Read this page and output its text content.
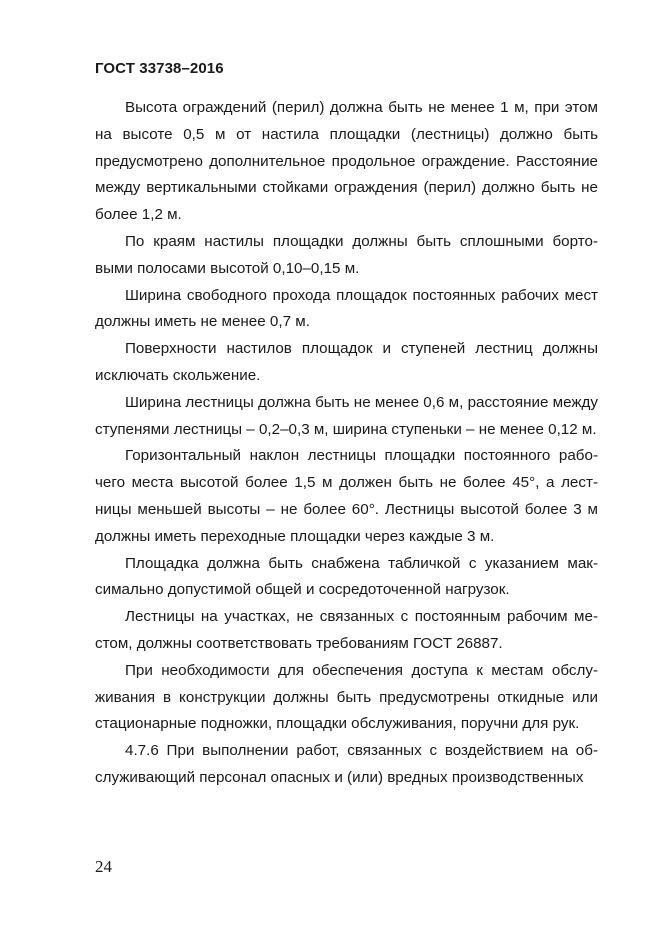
ГОСТ 33738–2016

Высота ограждений (перил) должна быть не менее 1 м, при этом на высоте 0,5 м от настила площадки (лестницы) должно быть предусмотрено дополнительное продольное ограждение. Расстояние между вертикальными стойками ограждения (перил) должно быть не более 1,2 м.

По краям настилы площадки должны быть сплошными бортовыми полосами высотой 0,10–0,15 м.

Ширина свободного прохода площадок постоянных рабочих мест должны иметь не менее 0,7 м.

Поверхности настилов площадок и ступеней лестниц должны исключать скольжение.

Ширина лестницы должна быть не менее 0,6 м, расстояние между ступенями лестницы – 0,2–0,3 м, ширина ступеньки – не менее 0,12 м.

Горизонтальный наклон лестницы площадки постоянного рабочего места высотой более 1,5 м должен быть не более 45°, а лестницы меньшей высоты – не более 60°. Лестницы высотой более 3 м должны иметь переходные площадки через каждые 3 м.

Площадка должна быть снабжена табличкой с указанием максимально допустимой общей и сосредоточенной нагрузок.

Лестницы на участках, не связанных с постоянным рабочим местом, должны соответствовать требованиям ГОСТ 26887.

При необходимости для обеспечения доступа к местам обслуживания в конструкции должны быть предусмотрены откидные или стационарные подножки, площадки обслуживания, поручни для рук.

4.7.6 При выполнении работ, связанных с воздействием на обслуживающий персонал опасных и (или) вредных производственных

24
